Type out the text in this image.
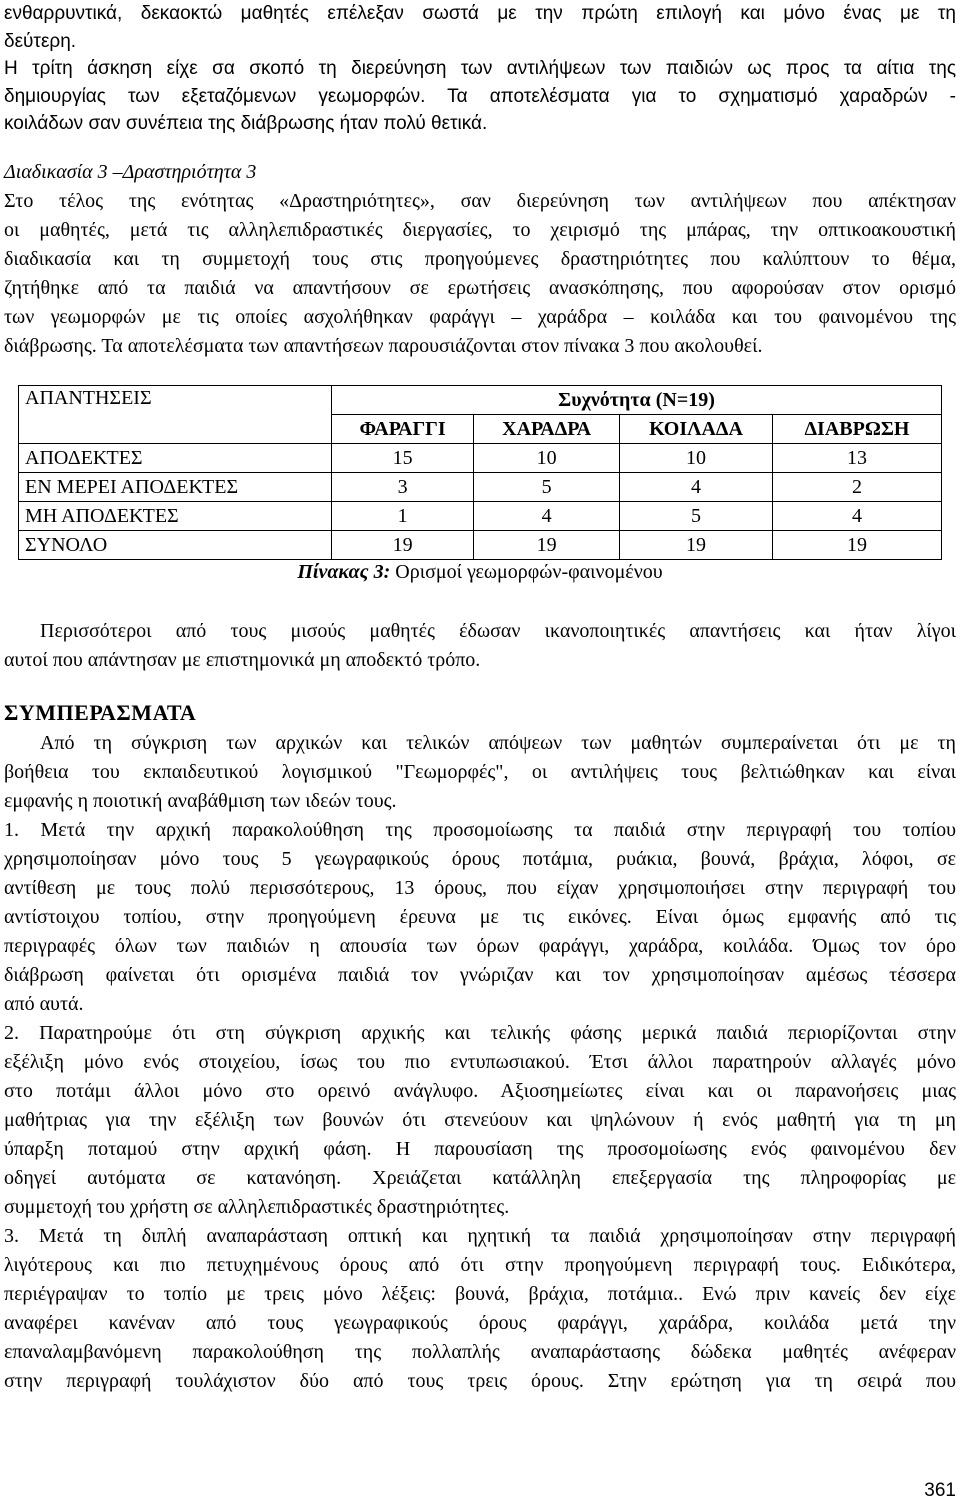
ενθαρρυντικά, δεκαοκτώ μαθητές επέλεξαν σωστά με την πρώτη επιλογή και μόνο ένας με τη
δεύτερη.
Η τρίτη άσκηση είχε σα σκοπό τη διερεύνηση των αντιλήψεων των παιδιών ως προς τα αίτια της
δημιουργίας των εξεταζόμενων γεωμορφών. Τα αποτελέσματα για το σχηματισμό χαραδρών -
κοιλάδων σαν συνέπεια της διάβρωσης ήταν πολύ θετικά.
Διαδικασία 3 –Δραστηριότητα 3
Στο τέλος της ενότητας «Δραστηριότητες», σαν διερεύνηση των αντιλήψεων που απέκτησαν
οι μαθητές, μετά τις αλληλεπιδραστικές διεργασίες, το χειρισμό της μπάρας, την οπτικοακουστική
διαδικασία και τη συμμετοχή τους στις προηγούμενες δραστηριότητες που καλύπτουν το θέμα,
ζητήθηκε από τα παιδιά να απαντήσουν σε ερωτήσεις ανασκόπησης, που αφορούσαν στον ορισμό
των γεωμορφών με τις οποίες ασχολήθηκαν φαράγγι – χαράδρα – κοιλάδα και του φαινομένου της
διάβρωσης. Τα αποτελέσματα των απαντήσεων παρουσιάζονται στον πίνακα 3 που ακολουθεί.
ΑΠΑΝΤΗΣΕΙΣ	Συχνότητα (Ν=19)			
	ΦΑΡΑΓΓΙ	ΧΑΡΑΔΡΑ	ΚΟΙΛΑΔΑ	ΔΙΑΒΡΩΣΗ
ΑΠΟΔΕΚΤΕΣ	15	10	10	13
ΕΝ ΜΕΡΕΙ ΑΠΟΔΕΚΤΕΣ	3	5	4	2
ΜΗ ΑΠΟΔΕΚΤΕΣ	1	4	5	4
ΣΥΝΟΛΟ	19	19	19	19
Πίνακας 3: Ορισμοί γεωμορφών-φαινομένου
Περισσότεροι από τους μισούς μαθητές έδωσαν ικανοποιητικές απαντήσεις και ήταν λίγοι
αυτοί που απάντησαν με επιστημονικά μη αποδεκτό τρόπο.
ΣΥΜΠΕΡΑΣΜΑΤΑ
Από τη σύγκριση των αρχικών και τελικών απόψεων των μαθητών συμπεραίνεται ότι με τη
βοήθεια του εκπαιδευτικού λογισμικού "Γεωμορφές", οι αντιλήψεις τους βελτιώθηκαν και είναι
εμφανής η ποιοτική αναβάθμιση των ιδεών τους.
1. Μετά την αρχική παρακολούθηση της προσομοίωσης τα παιδιά στην περιγραφή του τοπίου
χρησιμοποίησαν μόνο τους 5 γεωγραφικούς όρους ποτάμια, ρυάκια, βουνά, βράχια, λόφοι, σε
αντίθεση με τους πολύ περισσότερους, 13 όρους, που είχαν χρησιμοποιήσει στην περιγραφή του
αντίστοιχου τοπίου, στην προηγούμενη έρευνα με τις εικόνες. Είναι όμως εμφανής από τις
περιγραφές όλων των παιδιών η απουσία των όρων φαράγγι, χαράδρα, κοιλάδα. Όμως τον όρο
διάβρωση φαίνεται ότι ορισμένα παιδιά τον γνώριζαν και τον χρησιμοποίησαν αμέσως τέσσερα
από αυτά.
2. Παρατηρούμε ότι στη σύγκριση αρχικής και τελικής φάσης μερικά παιδιά περιορίζονται στην
εξέλιξη μόνο ενός στοιχείου, ίσως του πιο εντυπωσιακού. Έτσι άλλοι παρατηρούν αλλαγές μόνο
στο ποτάμι άλλοι μόνο στο ορεινό ανάγλυφο. Αξιοσημείωτες είναι και οι παρανοήσεις μιας
μαθήτριας για την εξέλιξη των βουνών ότι στενεύουν και ψηλώνουν ή ενός μαθητή για τη μη
ύπαρξη ποταμού στην αρχική φάση. Η παρουσίαση της προσομοίωσης ενός φαινομένου δεν
οδηγεί αυτόματα σε κατανόηση. Χρειάζεται κατάλληλη επεξεργασία της πληροφορίας με
συμμετοχή του χρήστη σε αλληλεπιδραστικές δραστηριότητες.
3. Μετά τη διπλή αναπαράσταση οπτική και ηχητική τα παιδιά χρησιμοποίησαν στην περιγραφή
λιγότερους και πιο πετυχημένους όρους από ότι στην προηγούμενη περιγραφή τους. Ειδικότερα,
περιέγραψαν το τοπίο με τρεις μόνο λέξεις: βουνά, βράχια, ποτάμια.. Ενώ πριν κανείς δεν είχε
αναφέρει κανέναν από τους γεωγραφικούς όρους φαράγγι, χαράδρα, κοιλάδα μετά την
επαναλαμβανόμενη παρακολούθηση της πολλαπλής αναπαράστασης δώδεκα μαθητές ανέφεραν
στην περιγραφή τουλάχιστον δύο από τους τρεις όρους. Στην ερώτηση για τη σειρά που
361
